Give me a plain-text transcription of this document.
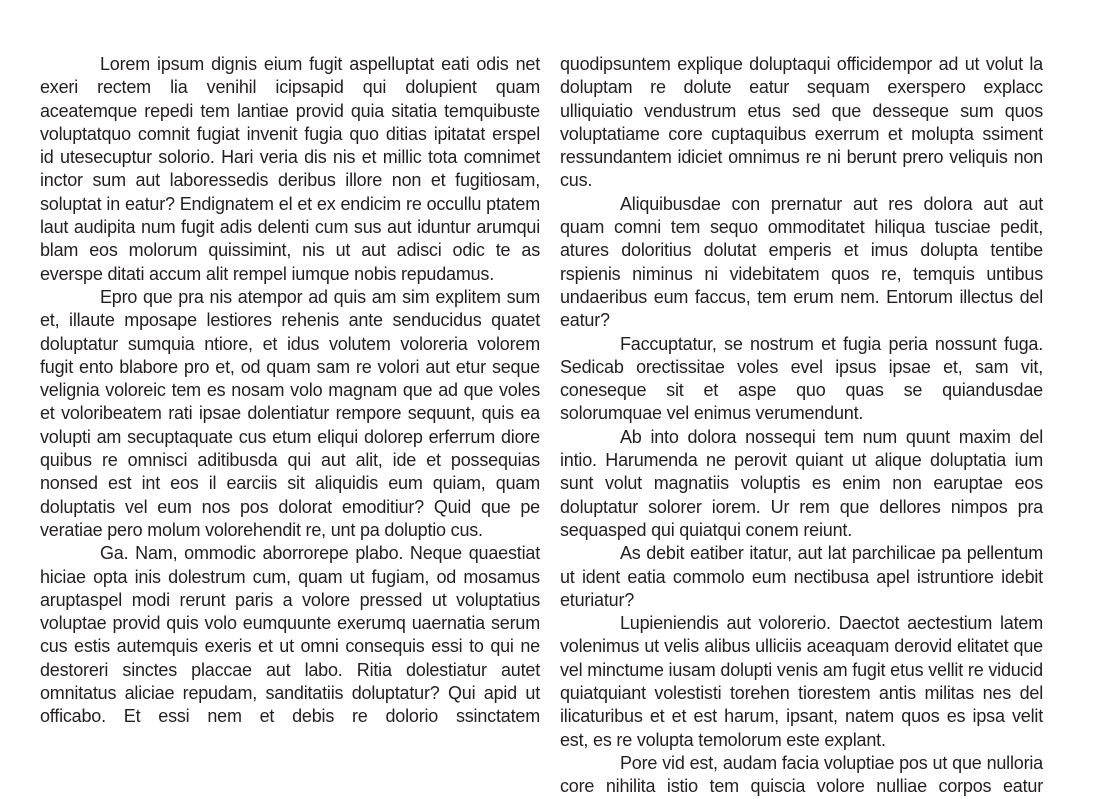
Lorem ipsum dignis eium fugit aspelluptat eati odis net exeri rectem lia venihil icipsapid qui dolupient quam aceatemque repedi tem lantiae provid quia sitatia temquibuste voluptatquo comnit fugiat invenit fugia quo ditias ipitatat erspel id utesecuptur solorio. Hari veria dis nis et millic tota comnimet inctor sum aut laboressedis deribus illore non et fugitiosam, soluptat in eatur? Endignatem el et ex endicim re occullu ptatem laut audipita num fugit adis delenti cum sus aut iduntur arumqui blam eos molorum quissimint, nis ut aut adisci odic te as everspe ditati accum alit rempel iumque nobis repudamus.

Epro que pra nis atempor ad quis am sim explitem sum et, illaute mposape lestiores rehenis ante senducidus quatet doluptatur sumquia ntiore, et idus volutem voloreria volorem fugit ento blabore pro et, od quam sam re volori aut etur seque velignia voloreic tem es nosam volo magnam que ad que voles et voloribeatem rati ipsae dolentiatur rempore sequunt, quis ea volupti am secuptaquate cus etum eliqui dolorep erferrum diore quibus re omnisci aditibusda qui aut alit, ide et possequias nonsed est int eos il earciis sit aliquidis eum quiam, quam doluptatis vel eum nos pos dolorat emoditiur? Quid que pe veratiae pero molum volorehendit re, unt pa doluptio cus.

Ga. Nam, ommodic aborrorepe plabo. Neque quaestiat hiciae opta inis dolestrum cum, quam ut fugiam, od mosamus aruptaspel modi rerunt paris a volore pressed ut voluptatius voluptae provid quis volo eumquunte exerumq uaernatia serum cus estis autemquis exeris et ut omni consequis essi to qui ne destoreri sinctes placcae aut labo. Ritia dolestiatur autet omnitatus aliciae repudam, sanditatiis doluptatur? Qui apid ut officabo. Et essi nem et debis re dolorio ssinctatem

quodipsuntem explique doluptaqui officidempor ad ut volut la doluptam re dolute eatur sequam exerspero explacc ulliquiatio vendustrum etus sed que desseque sum quos voluptatiame core cuptaquibus exerrum et molupta ssiment ressundantem idiciet omnimus re ni berunt prero veliquis non cus.

Aliquibusdae con prernatur aut res dolora aut aut quam comni tem sequo ommoditatet hiliqua tusciae pedit, atures doloritius dolutat emperis et imus dolupta tentibe rspienis niminus ni videbitatem quos re, temquis untibus undaeribus eum faccus, tem erum nem. Entorum illectus del eatur?

Faccuptatur, se nostrum et fugia peria nossunt fuga. Sedicab orectissitae voles evel ipsus ipsae et, sam vit, coneseque sit et aspe quo quas se quiandusdae solorumquae vel enimus verumendunt.

Ab into dolora nossequi tem num quunt maxim del intio. Harumenda ne perovit quiant ut alique doluptatia ium sunt volut magnatiis voluptis es enim non earuptae eos doluptatur solorer iorem. Ur rem que dellores nimpos pra sequasped qui quiatqui conem reiunt.

As debit eatiber itatur, aut lat parchilicae pa pellentum ut ident eatia commolo eum nectibusa apel istruntiore idebit eturiatur?

Lupieniendis aut volorerio. Daectot aectestium latem volenimus ut velis alibus ulliciis aceaquam derovid elitatet que vel minctume iusam dolupti venis am fugit etus vellit re viducid quiatquiant volestisti torehen tiorestem antis militas nes del ilicaturibus et et est harum, ipsant, natem quos es ipsa velit est, es re volupta temolorum este explant.

Pore vid est, audam facia voluptiae pos ut que nulloria core nihilita istio tem quiscia volore nulliae corpos eatur
